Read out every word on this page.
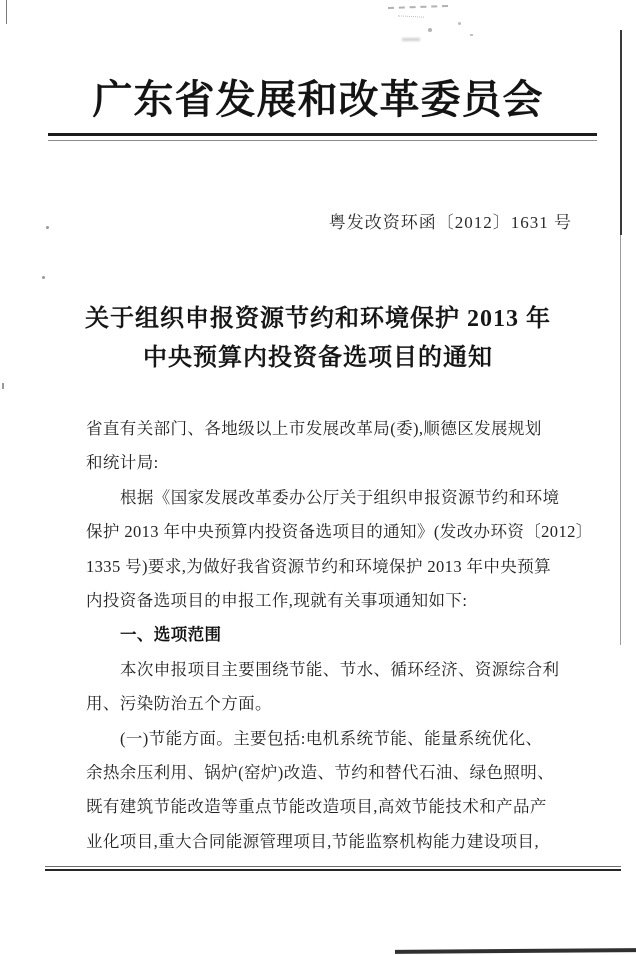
广东省发展和改革委员会
粤发改资环函〔2012〕1631 号
关于组织申报资源节约和环境保护 2013 年
中央预算内投资备选项目的通知
省直有关部门、各地级以上市发展改革局(委),顺德区发展规划
和统计局:
根据《国家发展改革委办公厅关于组织申报资源节约和环境
保护 2013 年中央预算内投资备选项目的通知》(发改办环资〔2012〕
1335 号)要求,为做好我省资源节约和环境保护 2013 年中央预算
内投资备选项目的申报工作,现就有关事项通知如下:
一、选项范围
本次申报项目主要围绕节能、节水、循环经济、资源综合利
用、污染防治五个方面。
(一)节能方面。主要包括:电机系统节能、能量系统优化、
余热余压利用、锅炉(窑炉)改造、节约和替代石油、绿色照明、
既有建筑节能改造等重点节能改造项目,高效节能技术和产品产
业化项目,重大合同能源管理项目,节能监察机构能力建设项目,
